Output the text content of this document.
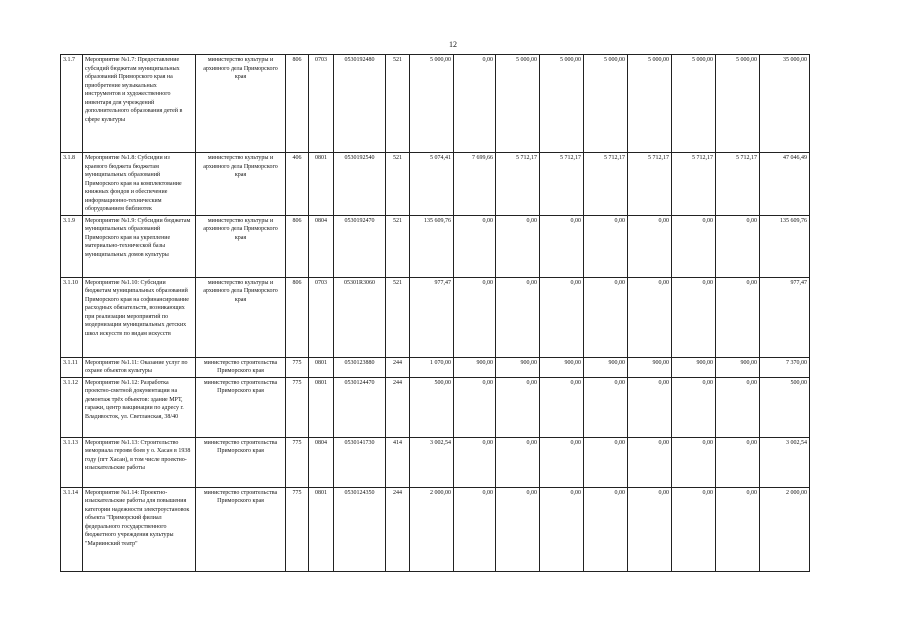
12
3.1.7	Мероприятие №1.7: Предоставление субсидий бюджетам муниципальных образований Приморского края на приобретение музыкальных инструментов и художественного инвентаря для учреждений дополнительного образования детей в сфере культуры	министерство культуры и архивного дела Приморского края	806	0703	0530192480	521	5 000,00	0,00	5 000,00	5 000,00	5 000,00	5 000,00	5 000,00	5 000,00	35 000,00
3.1.8	Мероприятие №1.8: Субсидии из краевого бюджета бюджетам муниципальных образований Приморского края на комплектование книжных фондов и обеспечение информационно-техническим оборудованием библиотек	министерство культуры и архивного дела Приморского края	406	0801	0530192540	521	5 074,41	7 699,66	5 712,17	5 712,17	5 712,17	5 712,17	5 712,17	5 712,17	47 046,49
3.1.9	Мероприятие №1.9: Субсидии бюджетам муниципальных образований Приморского края на укрепление материально-технической базы муниципальных домов культуры	министерство культуры и архивного дела Приморского края	806	0804	0530192470	521	135 609,76	0,00	0,00	0,00	0,00	0,00	0,00	0,00	135 609,76
3.1.10	Мероприятие №1.10: Субсидии бюджетам муниципальных образований Приморского края на софинансирование расходных обязательств, возникающих при реализации мероприятий по модернизации муниципальных детских школ искусств по видам искусств	министерство культуры и архивного дела Приморского края	806	0703	05301R3060	521	977,47	0,00	0,00	0,00	0,00	0,00	0,00	0,00	977,47
3.1.11	Мероприятие №1.11: Оказание услуг по охране объектов культуры	министерство строительства Приморского края	775	0801	0530123880	244	1 070,00	900,00	900,00	900,00	900,00	900,00	900,00	900,00	7 370,00
3.1.12	Мероприятие №1.12: Разработка проектно-сметной документации на демонтаж трёх объектов: здание МРТ, гаражи, центр вакцинации по адресу г. Владивосток, ул. Светланская, 38/40	министерство строительства Приморского края	775	0801	0530124470	244	500,00	0,00	0,00	0,00	0,00	0,00	0,00	0,00	500,00
3.1.13	Мероприятие №1.13: Строительство мемориала героям боев у о. Хасан в 1938 году (пгт Хасан), в том числе проектно-изыскательские работы	министерство строительства Приморского края	775	0804	0530141730	414	3 002,54	0,00	0,00	0,00	0,00	0,00	0,00	0,00	3 002,54
3.1.14	Мероприятие №1.14: Проектно-изыскательские работы для повышения категории надежности электроустановок объекта "Приморский филиал федерального государственного бюджетного учреждения культуры "Мариинский театр"	министерство строительства Приморского края	775	0801	0530124350	244	2 000,00	0,00	0,00	0,00	0,00	0,00	0,00	0,00	2 000,00
